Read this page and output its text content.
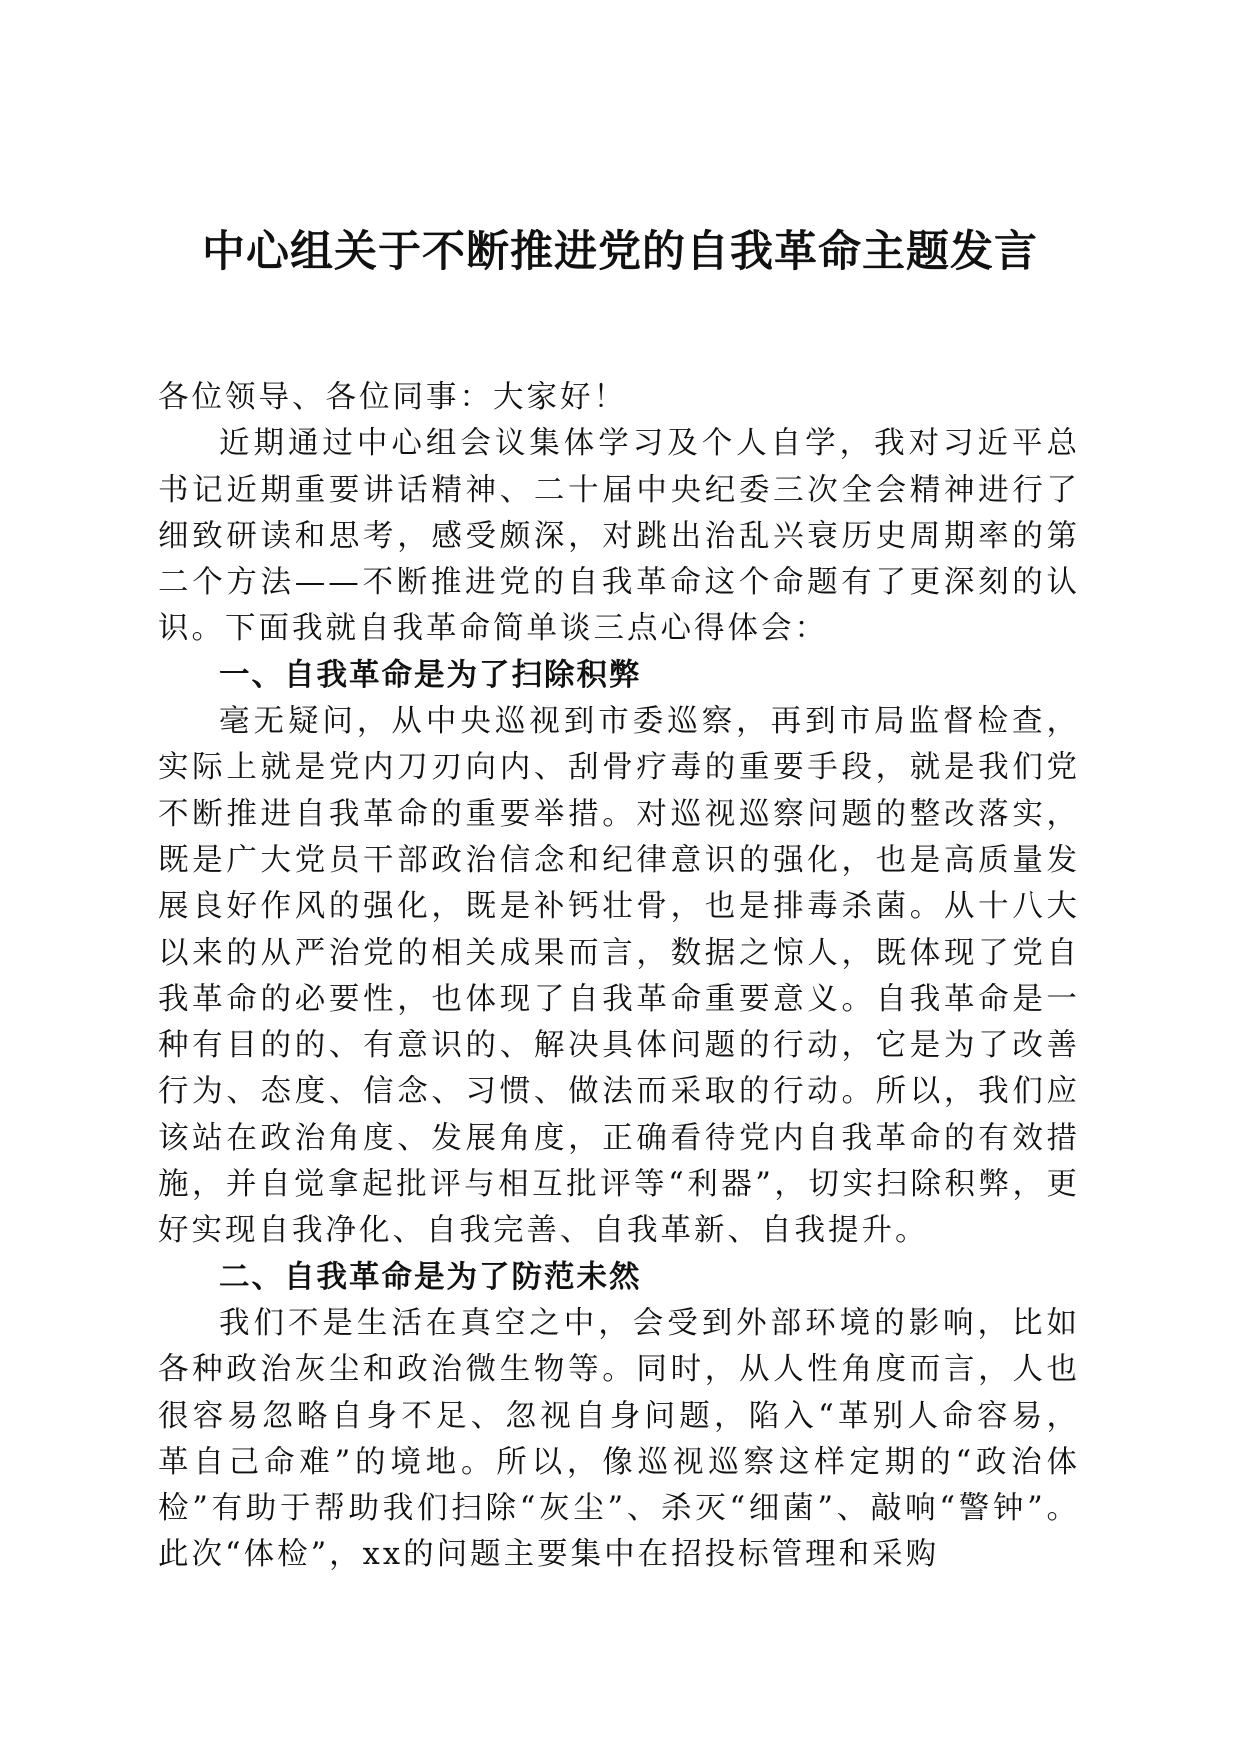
中心组关于不断推进党的自我革命主题发言

各位领导、各位同事：大家好！

近期通过中心组会议集体学习及个人自学，我对习近平总书记近期重要讲话精神、二十届中央纪委三次全会精神进行了细致研读和思考，感受颇深，对跳出治乱兴衰历史周期率的第二个方法——不断推进党的自我革命这个命题有了更深刻的认识。下面我就自我革命简单谈三点心得体会：

一、自我革命是为了扫除积弊

毫无疑问，从中央巡视到市委巡察，再到市局监督检查，实际上就是党内刀刃向内、刮骨疗毒的重要手段，就是我们党不断推进自我革命的重要举措。对巡视巡察问题的整改落实，既是广大党员干部政治信念和纪律意识的强化，也是高质量发展良好作风的强化，既是补钙壮骨，也是排毒杀菌。从十八大以来的从严治党的相关成果而言，数据之惊人，既体现了党自我革命的必要性，也体现了自我革命重要意义。自我革命是一种有目的的、有意识的、解决具体问题的行动，它是为了改善行为、态度、信念、习惯、做法而采取的行动。所以，我们应该站在政治角度、发展角度，正确看待党内自我革命的有效措施，并自觉拿起批评与相互批评等“利器”，切实扫除积弊，更好实现自我净化、自我完善、自我革新、自我提升。

二、自我革命是为了防范未然

我们不是生活在真空之中，会受到外部环境的影响，比如各种政治灰尘和政治微生物等。同时，从人性角度而言，人也很容易忽略自身不足、忽视自身问题，陷入“革别人命容易，革自己命难”的境地。所以，像巡视巡察这样定期的“政治体检”有助于帮助我们扫除“灰尘”、杀灭“细菌”、敲响“警钟”。此次“体检”，xx的问题主要集中在招投标管理和采购
